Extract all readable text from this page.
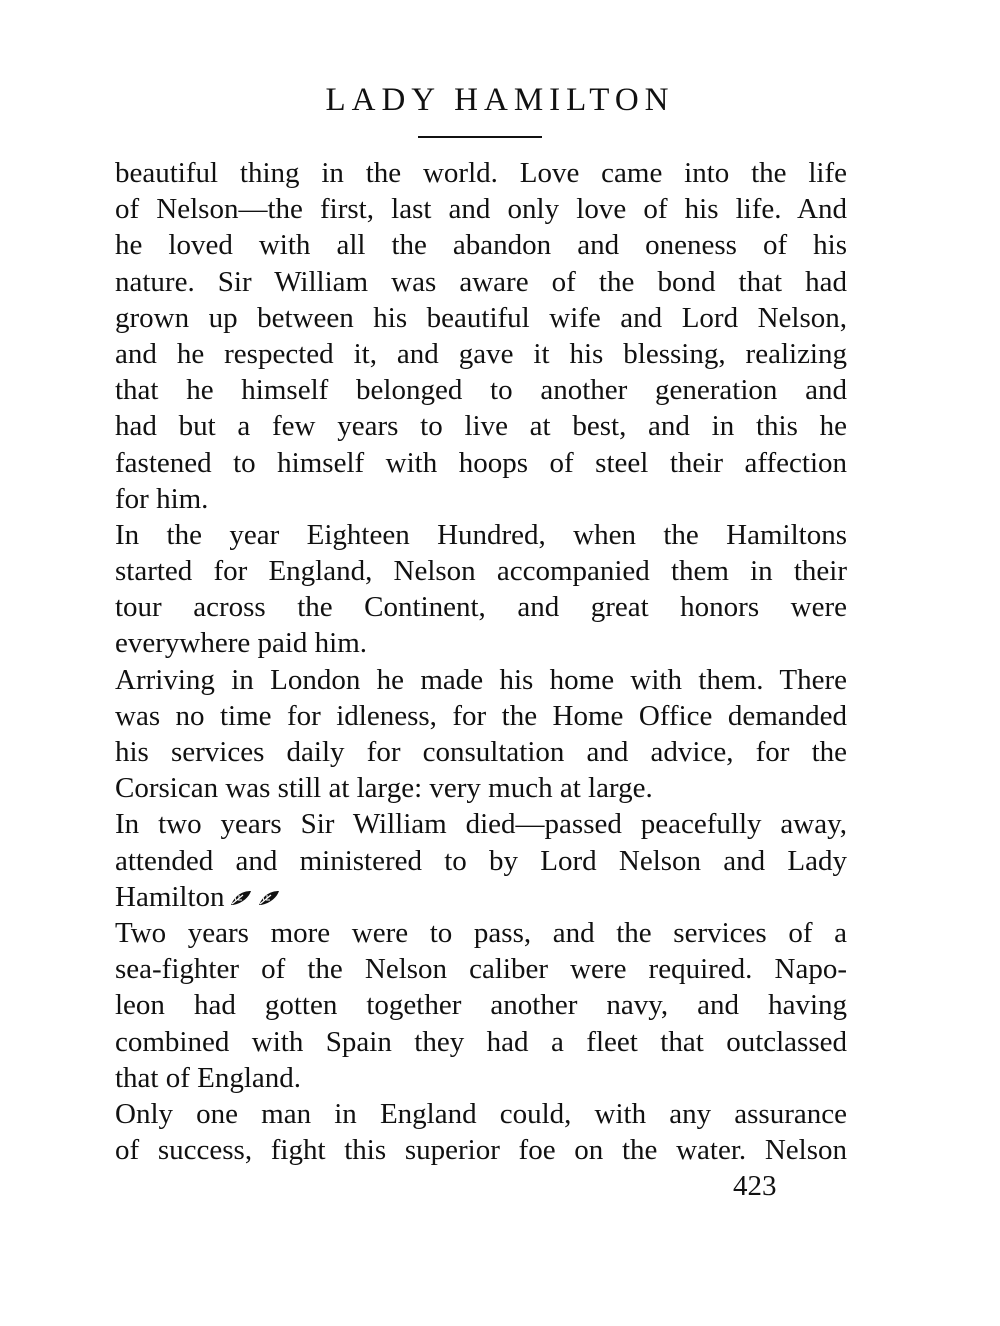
LADY HAMILTON
beautiful thing in the world. Love came into the life
of Nelson—the first, last and only love of his life. And
he loved with all the abandon and oneness of his
nature. Sir William was aware of the bond that had
grown up between his beautiful wife and Lord Nelson,
and he respected it, and gave it his blessing, realizing
that he himself belonged to another generation and
had but a few years to live at best, and in this he
fastened to himself with hoops of steel their affection
for him.
In the year Eighteen Hundred, when the Hamiltons
started for England, Nelson accompanied them in their
tour across the Continent, and great honors were
everywhere paid him.
Arriving in London he made his home with them. There
was no time for idleness, for the Home Office demanded
his services daily for consultation and advice, for the
Corsican was still at large: very much at large.
In two years Sir William died—passed peacefully away,
attended and ministered to by Lord Nelson and Lady
Hamilton
Two years more were to pass, and the services of a
sea-fighter of the Nelson caliber were required. Napo-
leon had gotten together another navy, and having
combined with Spain they had a fleet that outclassed
that of England.
Only one man in England could, with any assurance
of success, fight this superior foe on the water. Nelson
423
